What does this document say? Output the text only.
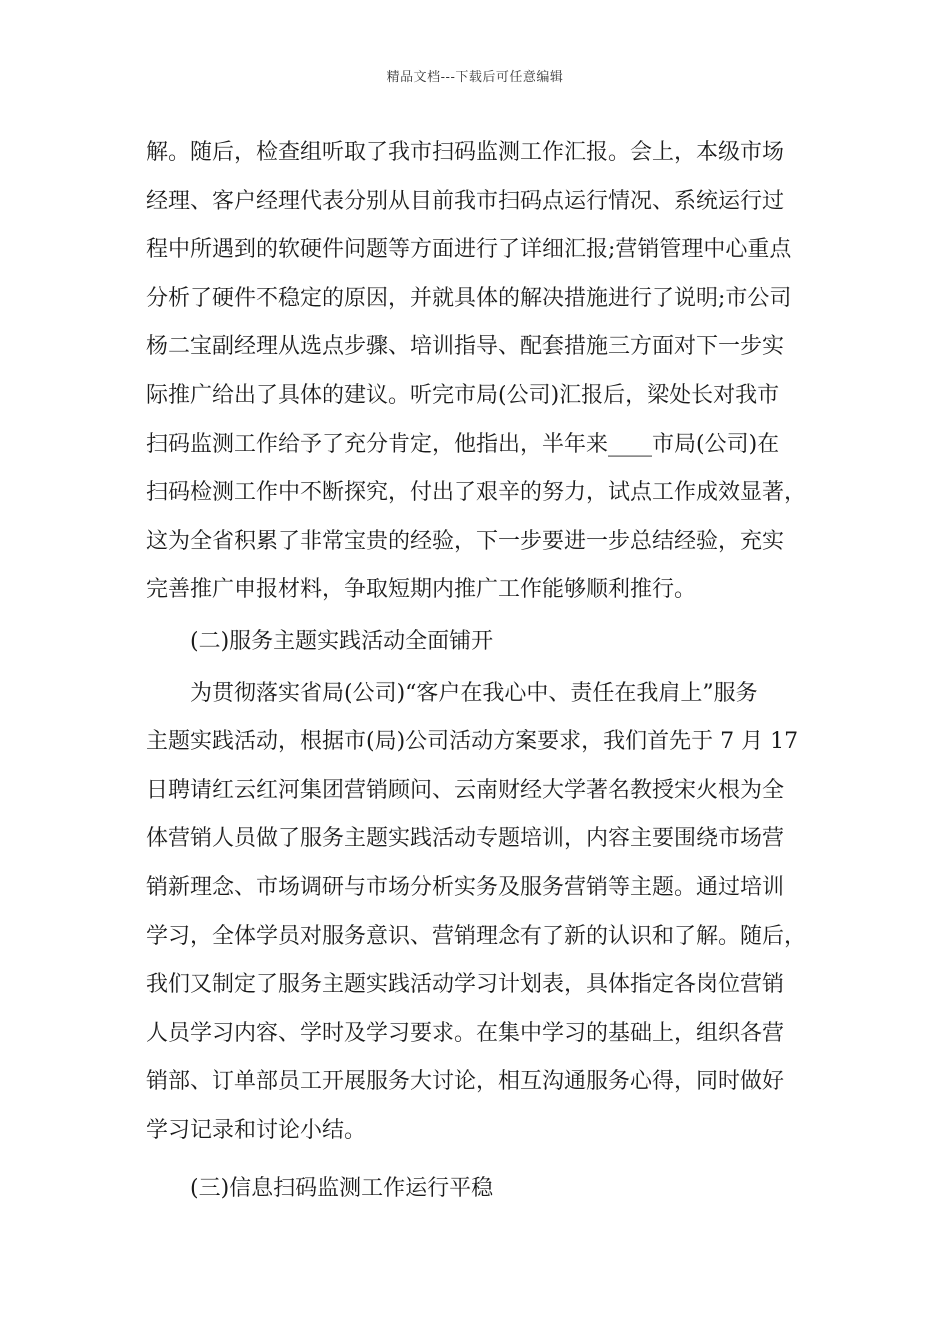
精品文档---下载后可任意编辑

解。随后，检查组听取了我市扫码监测工作汇报。会上，本级市场

经理、客户经理代表分别从目前我市扫码点运行情况、系统运行过

程中所遇到的软硬件问题等方面进行了详细汇报;营销管理中心重点

分析了硬件不稳定的原因，并就具体的解决措施进行了说明;市公司

杨二宝副经理从选点步骤、培训指导、配套措施三方面对下一步实

际推广给出了具体的建议。听完市局(公司)汇报后，梁处长对我市

扫码监测工作给予了充分肯定，他指出，半年来____市局(公司)在

扫码检测工作中不断探究，付出了艰辛的努力，试点工作成效显著，

这为全省积累了非常宝贵的经验，下一步要进一步总结经验，充实

完善推广申报材料，争取短期内推广工作能够顺利推行。

(二)服务主题实践活动全面铺开

为贯彻落实省局(公司)“客户在我心中、责任在我肩上”服务

主题实践活动，根据市(局)公司活动方案要求，我们首先于 7 月 17

日聘请红云红河集团营销顾问、云南财经大学著名教授宋火根为全

体营销人员做了服务主题实践活动专题培训，内容主要围绕市场营

销新理念、市场调研与市场分析实务及服务营销等主题。通过培训

学习，全体学员对服务意识、营销理念有了新的认识和了解。随后，

我们又制定了服务主题实践活动学习计划表，具体指定各岗位营销

人员学习内容、学时及学习要求。在集中学习的基础上，组织各营

销部、订单部员工开展服务大讨论，相互沟通服务心得，同时做好

学习记录和讨论小结。

(三)信息扫码监测工作运行平稳
